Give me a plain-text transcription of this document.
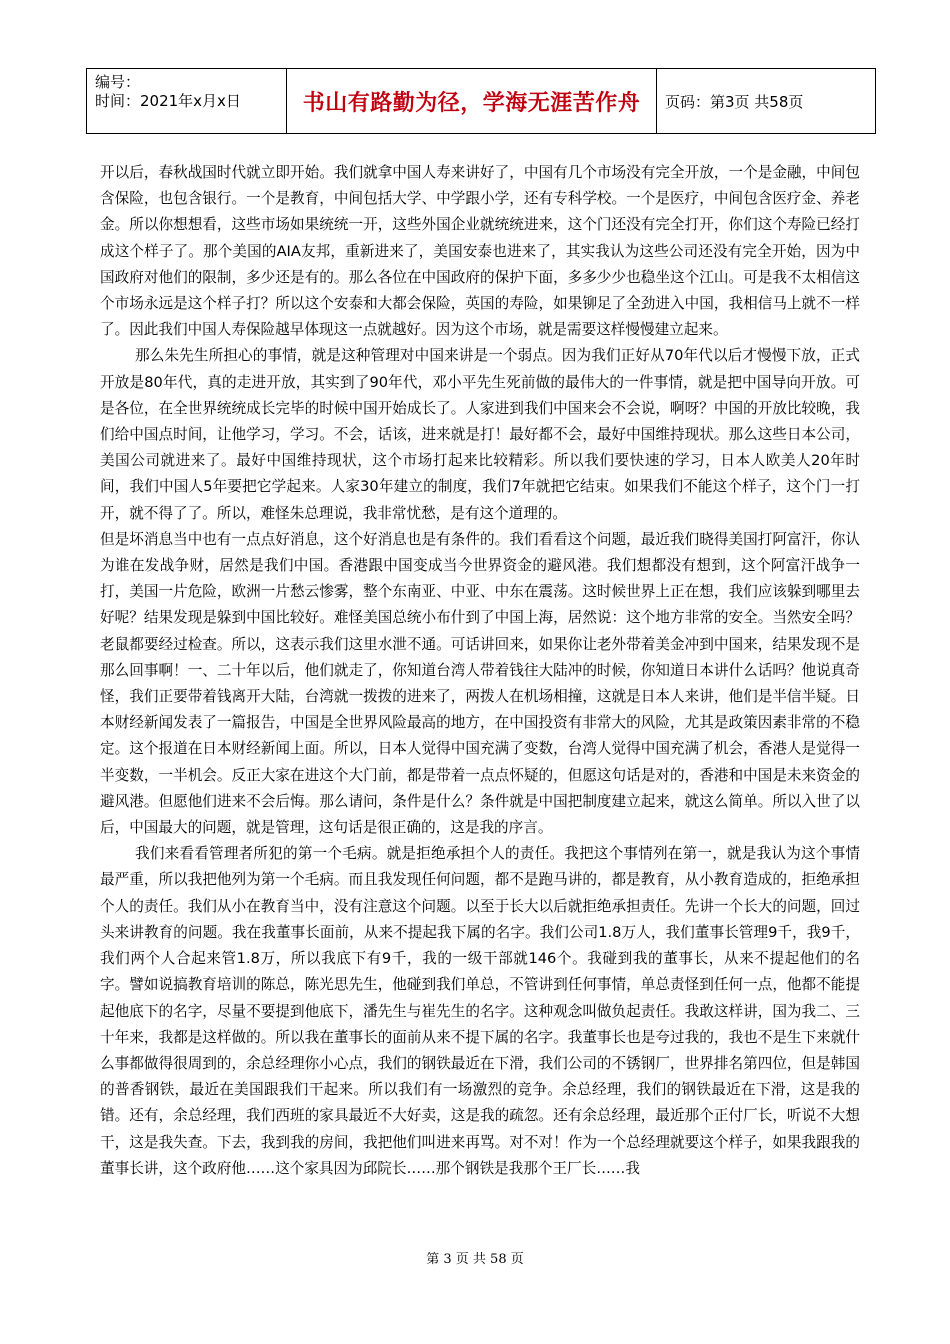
编号：
时间：2021年x月x日	书山有路勤为径，学海无涯苦作舟	页码：第3页 共58页

开以后，春秋战国时代就立即开始。我们就拿中国人寿来讲好了，中国有几个市场没有完全开放，一个是金融，中间包含保险，也包含银行。一个是教育，中间包括大学、中学跟小学，还有专科学校。一个是医疗，中间包含医疗金、养老金。所以你想想看，这些市场如果统统一开，这些外国企业就统统进来，这个门还没有完全打开，你们这个寿险已经打成这个样子了。那个美国的AIA友邦，重新进来了，美国安泰也进来了，其实我认为这些公司还没有完全开始，因为中国政府对他们的限制，多少还是有的。那么各位在中国政府的保护下面，多多少少也稳坐这个江山。可是我不太相信这个市场永远是这个样子打？所以这个安泰和大都会保险，英国的寿险，如果铆足了全劲进入中国，我相信马上就不一样了。因此我们中国人寿保险越早体现这一点就越好。因为这个市场，就是需要这样慢慢建立起来。

那么朱先生所担心的事情，就是这种管理对中国来讲是一个弱点。因为我们正好从70年代以后才慢慢下放，正式开放是80年代，真的走进开放，其实到了90年代，邓小平先生死前做的最伟大的一件事情，就是把中国导向开放。可是各位，在全世界统统成长完毕的时候中国开始成长了。人家进到我们中国来会不会说，啊呀？中国的开放比较晚，我们给中国点时间，让他学习，学习。不会，话该，进来就是打！最好都不会，最好中国维持现状。那么这些日本公司，美国公司就进来了。最好中国维持现状，这个市场打起来比较精彩。所以我们要快速的学习，日本人欧美人20年时间，我们中国人5年要把它学起来。人家30年建立的制度，我们7年就把它结束。如果我们不能这个样子，这个门一打开，就不得了了。所以，难怪朱总理说，我非常忧愁，是有这个道理的。

但是坏消息当中也有一点点好消息，这个好消息也是有条件的。我们看看这个问题，最近我们晓得美国打阿富汗，你认为谁在发战争财，居然是我们中国。香港跟中国变成当今世界资金的避风港。我们想都没有想到，这个阿富汗战争一打，美国一片危险，欧洲一片愁云惨雾，整个东南亚、中亚、中东在震荡。这时候世界上正在想，我们应该躲到哪里去好呢？结果发现是躲到中国比较好。难怪美国总统小布什到了中国上海，居然说：这个地方非常的安全。当然安全吗？老鼠都要经过检查。所以，这表示我们这里水泄不通。可话讲回来，如果你让老外带着美金冲到中国来，结果发现不是那么回事啊！一、二十年以后，他们就走了，你知道台湾人带着钱往大陆冲的时候，你知道日本讲什么话吗？他说真奇怪，我们正要带着钱离开大陆，台湾就一拨拨的进来了，两拨人在机场相撞，这就是日本人来讲，他们是半信半疑。日本财经新闻发表了一篇报告，中国是全世界风险最高的地方，在中国投资有非常大的风险，尤其是政策因素非常的不稳定。这个报道在日本财经新闻上面。所以，日本人觉得中国充满了变数，台湾人觉得中国充满了机会，香港人是觉得一半变数，一半机会。反正大家在进这个大门前，都是带着一点点怀疑的，但愿这句话是对的，香港和中国是未来资金的避风港。但愿他们进来不会后悔。那么请问，条件是什么？条件就是中国把制度建立起来，就这么简单。所以入世了以后，中国最大的问题，就是管理，这句话是很正确的，这是我的序言。

我们来看看管理者所犯的第一个毛病。就是拒绝承担个人的责任。我把这个事情列在第一，就是我认为这个事情最严重，所以我把他列为第一个毛病。而且我发现任何问题，都不是跑马讲的，都是教育，从小教育造成的，拒绝承担个人的责任。我们从小在教育当中，没有注意这个问题。以至于长大以后就拒绝承担责任。先讲一个长大的问题，回过头来讲教育的问题。我在我董事长面前，从来不提起我下属的名字。我们公司1.8万人，我们董事长管理9千，我9千，我们两个人合起来管1.8万，所以我底下有9千，我的一级干部就146个。我碰到我的董事长，从来不提起他们的名字。譬如说搞教育培训的陈总，陈光思先生，他碰到我们单总，不管讲到任何事情，单总责怪到任何一点，他都不能提起他底下的名字，尽量不要提到他底下，潘先生与崔先生的名字。这种观念叫做负起责任。我敢这样讲，国为我二、三十年来，我都是这样做的。所以我在董事长的面前从来不提下属的名字。我董事长也是夸过我的，我也不是生下来就什么事都做得很周到的，余总经理你小心点，我们的钢铁最近在下滑，我们公司的不锈钢厂，世界排名第四位，但是韩国的普香钢铁，最近在美国跟我们干起来。所以我们有一场激烈的竞争。余总经理，我们的钢铁最近在下滑，这是我的错。还有，余总经理，我们西班的家具最近不大好卖，这是我的疏忽。还有余总经理，最近那个正付厂长，听说不大想干，这是我失查。下去，我到我的房间，我把他们叫进来再骂。对不对！作为一个总经理就要这个样子，如果我跟我的董事长讲，这个政府他……这个家具因为邱院长……那个钢铁是我那个王厂长……我

第 3 页 共 58 页
